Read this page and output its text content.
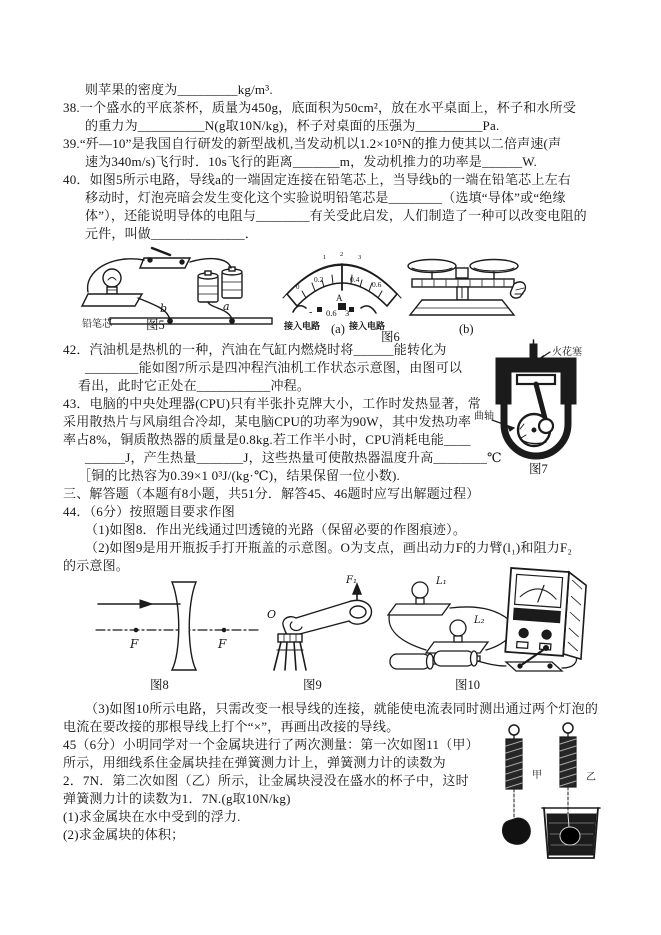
则苹果的密度为_________kg/m³.
38.一个盛水的平底茶杯，质量为450g，底面积为50cm²，放在水平桌面上，杯子和水所受
的重力为__________N(g取10N/kg)，杯子对桌面的压强为__________Pa.
39.“歼—10”是我国自行研发的新型战机,当发动机以1.2×10⁵N的推力使其以二倍声速(声
速为340m/s)飞行时．10s飞行的距离_______m，发动机推力的功率是______W.
40．如图5所示电路，导线a的一端固定连接在铅笔芯上，当导线b的一端在铅笔芯上左右
移动时，灯泡亮暗会发生变化这个实验说明铅笔芯是________（选填“导体”或“绝缘
体”），还能说明导体的电阻与________有关受此启发，人们制造了一种可以改变电阻的
元件，叫做______________．
42．汽油机是热机的一种，汽油在气缸内燃烧时将______能转化为
________能如图7所示是四冲程汽油机工作状态示意图，由图可以
看出，此时它正处在___________冲程。
43．电脑的中央处理器(CPU)只有半张扑克牌大小，工作时发热显著，常
采用散热片与风扇组合冷却，某电脑CPU的功率为90W，其中发热功率
率占8%，铜质散热器的质量是0.8kg.若工作半小时，CPU消耗电能____
______J，产生热量_______J，这些热量可使散热器温度升高________℃
［铜的比热容为0.39×1 0³J/(kg·℃)，结果保留一位小数).
三、解答题（本题有8小题，共51分．解答45、46题时应写出解题过程）
44．（6分）按照题目要求作图
（1)如图8．作出光线通过凹透镜的光路（保留必要的作图痕迹）。
（2)如图9是用开瓶扳手打开瓶盖的示意图。O为支点，画出动力F的力臂(l₁)和阻力F₂
的示意图。
（3)如图10所示电路，只需改变一根导线的连接，就能使电流表同时测出通过两个灯泡的
电流在要改接的那根导线上打个“×”，再画出改接的导线。
45（6分）小明同学对一个金属块进行了两次测量：第一次如图11（甲）
所示，用细线系住金属块挂在弹簧测力计上，弹簧测力计的读数为
2．7N．第二次如图（乙）所示，让金属块浸没在盛水的杯子中，这时
弹簧测力计的读数为1．7N.(g取10N/kg)
(1)求金属块在水中受到的浮力.
(2)求金属块的体积；
铅笔芯
b	a
图5
1 2 3
0
0.2	0.4
0.6
A
- 0.6 3
接入电路	接入电路
(a)
图6
(b)
火花塞
曲轴
图7
F	F
图8
O
F₁
图9
L₁
L₂
图10
甲	乙
